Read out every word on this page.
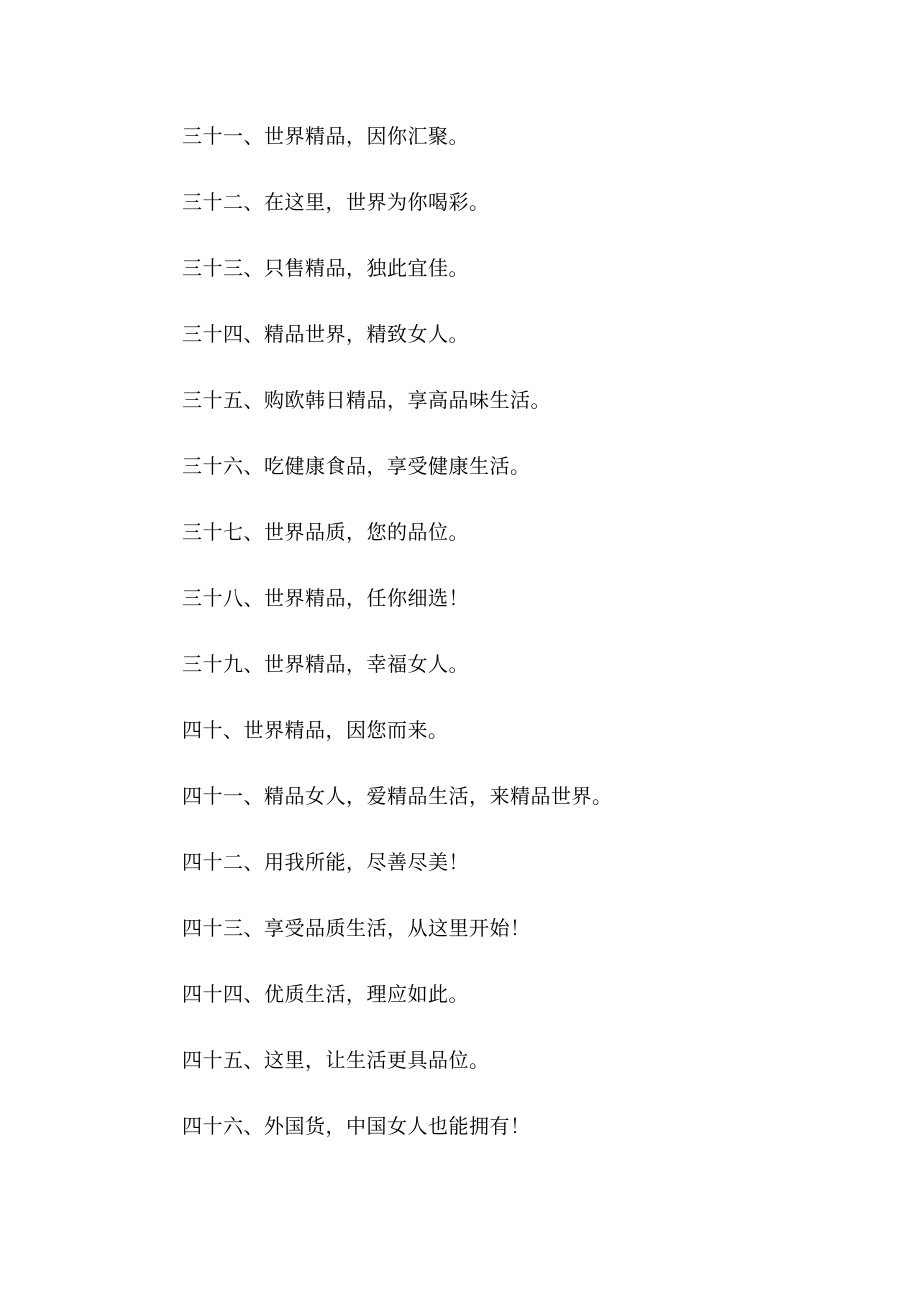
三十一、世界精品，因你汇聚。
三十二、在这里，世界为你喝彩。
三十三、只售精品，独此宜佳。
三十四、精品世界，精致女人。
三十五、购欧韩日精品，享高品味生活。
三十六、吃健康食品，享受健康生活。
三十七、世界品质，您的品位。
三十八、世界精品，任你细选！
三十九、世界精品，幸福女人。
四十、世界精品，因您而来。
四十一、精品女人，爱精品生活，来精品世界。
四十二、用我所能，尽善尽美！
四十三、享受品质生活，从这里开始！
四十四、优质生活，理应如此。
四十五、这里，让生活更具品位。
四十六、外国货，中国女人也能拥有！
